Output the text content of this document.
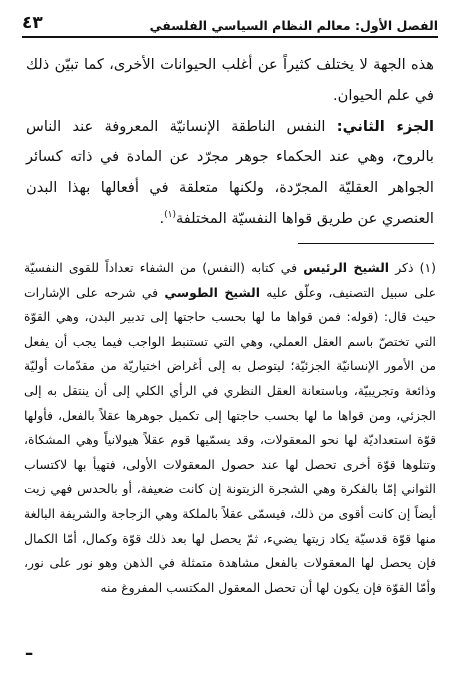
الفصل الأول: معالم النظام السياسي الفلسفي
٤٣

هذه الجهة لا يختلف كثيراً عن أغلب الحيوانات الأخرى، كما تبيّن ذلك في علم الحيوان.

الجزء الثاني: النفس الناطقة الإنسانيّة المعروفة عند الناس بالروح، وهي عند الحكماء جوهر مجرّد عن المادة في ذاته كسائر الجواهر العقليّة المجرّدة، ولكنها متعلقة في أفعالها بهذا البدن العنصري عن طريق قواها النفسيّة المختلفة$^{(١)}$.

(١) ذكر الشيخ الرئيس في كتابه (النفس) من الشفاء تعداداً للقوى النفسيّة على سبيل التصنيف، وعلّق عليه الشيخ الطوسي في شرحه على الإشارات حيث قال: (قوله: فمن قواها ما لها بحسب حاجتها إلى تدبير البدن، وهي القوّة التي تختصّ باسم العقل العملي، وهي التي تستنبط الواجب فيما يجب أن يفعل من الأمور الإنسانيّة الجزئيّة؛ ليتوصل به إلى أغراض اختياريّة من مقدّمات أوليّة وذائعة وتجريبيّة، وباستعانة العقل النظري في الرأي الكلي إلى أن ينتقل به إلى الجزئي، ومن قواها ما لها بحسب حاجتها إلى تكميل جوهرها عقلاً بالفعل، فأولها قوّة استعداديّة لها نحو المعقولات، وقد يسمّيها قوم عقلاً هيولانياً وهي المشكاة، وتتلوها قوّة أخرى تحصل لها عند حصول المعقولات الأولى، فتهيأ بها لاكتساب الثواني إمّا بالفكرة وهي الشجرة الزيتونة إن كانت ضعيفة، أو بالحدس فهي زيت أيضاً إن كانت أقوى من ذلك، فيسمّى عقلاً بالملكة وهي الزجاجة والشريفة البالغة منها قوّة قدسيّة يكاد زيتها يضيء، ثمّ يحصل لها بعد ذلك قوّة وكمال، أمّا الكمال فإن يحصل لها المعقولات بالفعل مشاهدة متمثلة في الذهن وهو نور على نور، وأمّا القوّة فإن يكون لها أن تحصل المعقول المكتسب المفروغ منه
ـ
